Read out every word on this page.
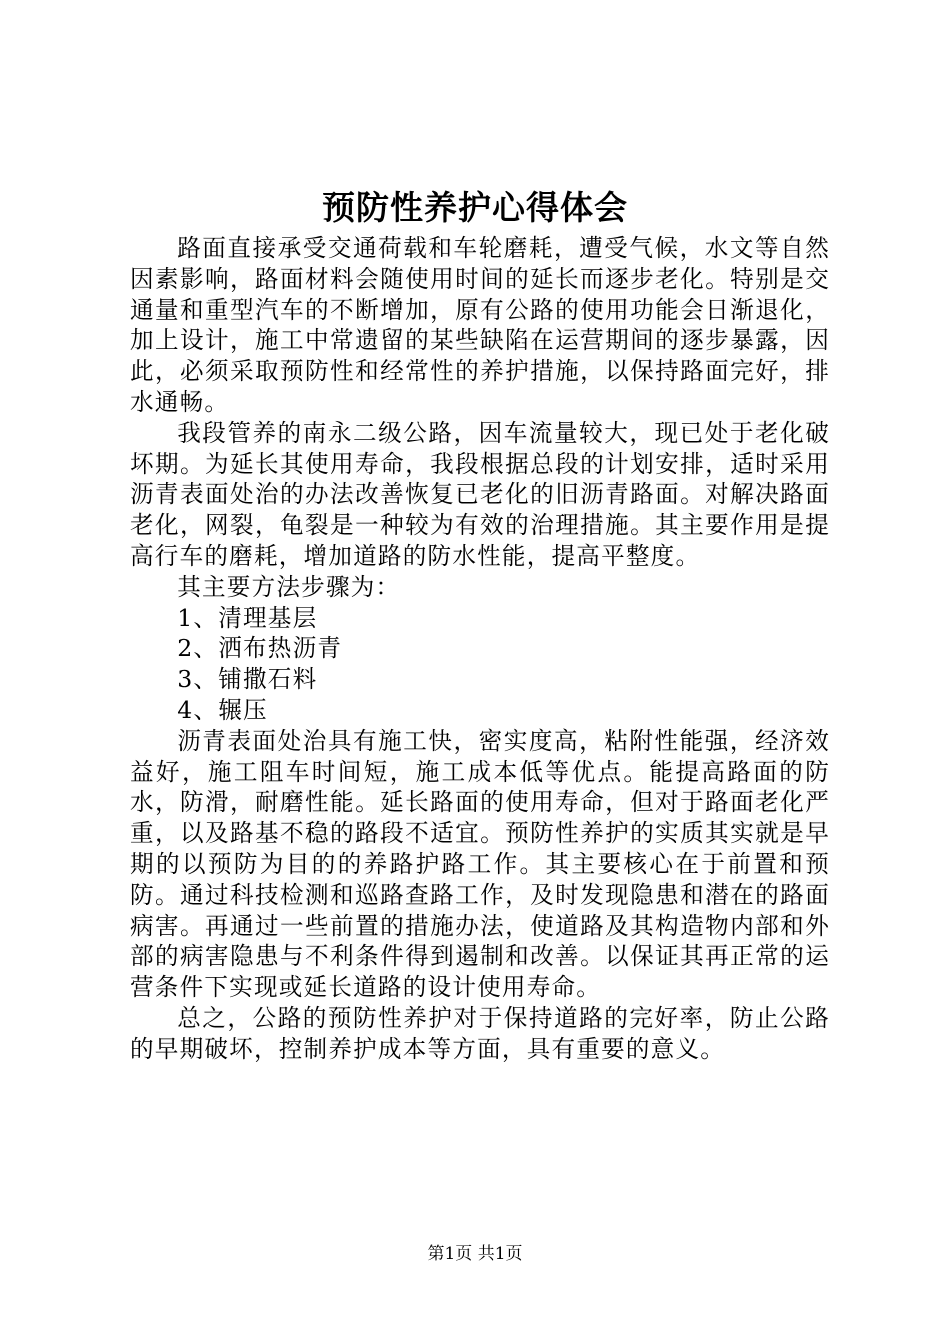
预防性养护心得体会

路面直接承受交通荷载和车轮磨耗，遭受气候，水文等自然因素影响，路面材料会随使用时间的延长而逐步老化。特别是交通量和重型汽车的不断增加，原有公路的使用功能会日渐退化，加上设计，施工中常遗留的某些缺陷在运营期间的逐步暴露，因此，必须采取预防性和经常性的养护措施，以保持路面完好，排水通畅。

我段管养的南永二级公路，因车流量较大，现已处于老化破坏期。为延长其使用寿命，我段根据总段的计划安排，适时采用沥青表面处治的办法改善恢复已老化的旧沥青路面。对解决路面老化，网裂，龟裂是一种较为有效的治理措施。其主要作用是提高行车的磨耗，增加道路的防水性能，提高平整度。

其主要方法步骤为：

1、清理基层

2、洒布热沥青

3、铺撒石料

4、辗压

沥青表面处治具有施工快，密实度高，粘附性能强，经济效益好，施工阻车时间短，施工成本低等优点。能提高路面的防水，防滑，耐磨性能。延长路面的使用寿命，但对于路面老化严重，以及路基不稳的路段不适宜。预防性养护的实质其实就是早期的以预防为目的的养路护路工作。其主要核心在于前置和预防。通过科技检测和巡路查路工作，及时发现隐患和潜在的路面病害。再通过一些前置的措施办法，使道路及其构造物内部和外部的病害隐患与不利条件得到遏制和改善。以保证其再正常的运营条件下实现或延长道路的设计使用寿命。

总之，公路的预防性养护对于保持道路的完好率，防止公路的早期破坏，控制养护成本等方面，具有重要的意义。

第1页 共1页
